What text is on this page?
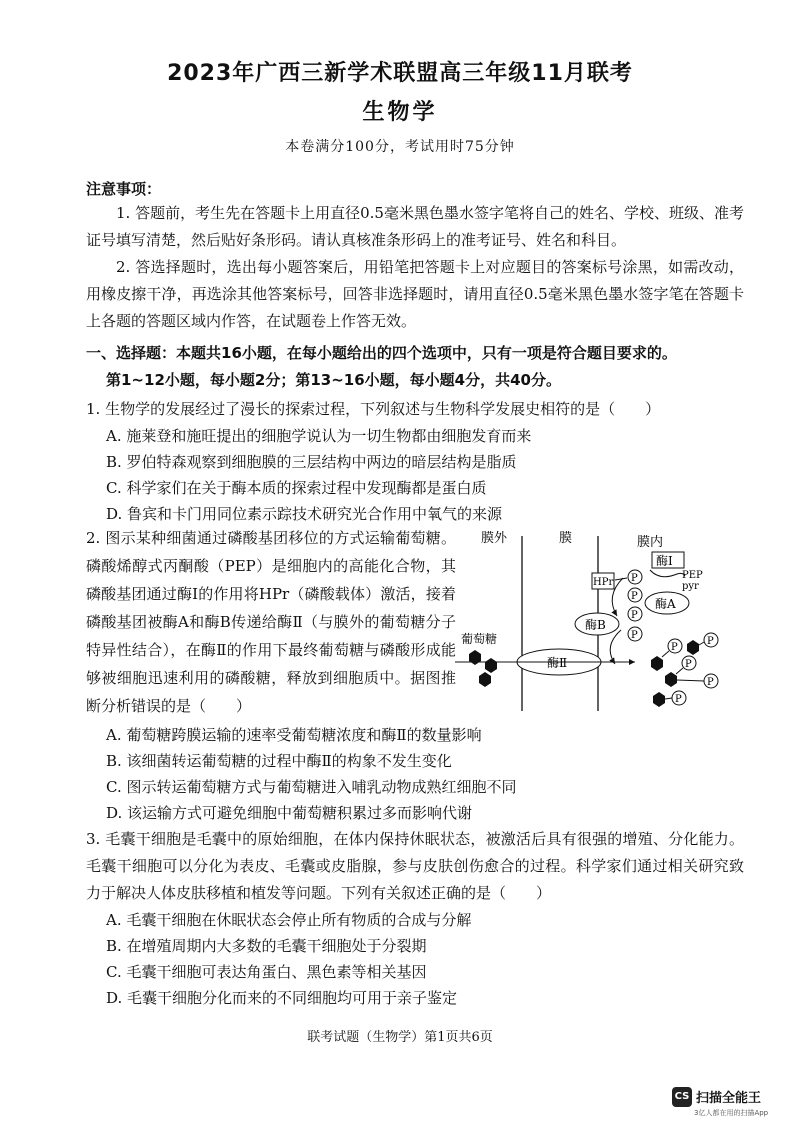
2023年广西三新学术联盟高三年级11月联考
生物学
本卷满分100分，考试用时75分钟
注意事项：
1. 答题前，考生先在答题卡上用直径0.5毫米黑色墨水签字笔将自己的姓名、学校、班级、准考证号填写清楚，然后贴好条形码。请认真核准条形码上的准考证号、姓名和科目。
2. 答选择题时，选出每小题答案后，用铅笔把答题卡上对应题目的答案标号涂黑，如需改动，用橡皮擦干净，再选涂其他答案标号，回答非选择题时，请用直径0.5毫米黑色墨水签字笔在答题卡上各题的答题区域内作答，在试题卷上作答无效。
一、选择题：本题共16小题，在每小题给出的四个选项中，只有一项是符合题目要求的。
第1~12小题，每小题2分；第13~16小题，每小题4分，共40分。
1. 生物学的发展经过了漫长的探索过程，下列叙述与生物科学发展史相符的是（　　）
A. 施莱登和施旺提出的细胞学说认为一切生物都由细胞发育而来
B. 罗伯特森观察到细胞膜的三层结构中两边的暗层结构是脂质
C. 科学家们在关于酶本质的探索过程中发现酶都是蛋白质
D. 鲁宾和卡门用同位素示踪技术研究光合作用中氧气的来源
2. 图示某种细菌通过磷酸基团移位的方式运输葡萄糖。磷酸烯醇式丙酮酸（PEP）是细胞内的高能化合物，其磷酸基团通过酶Ⅰ的作用将HPr（磷酸载体）激活，接着磷酸基团被酶A和酶B传递给酶Ⅱ（与膜外的葡萄糖分子特异性结合），在酶Ⅱ的作用下最终葡萄糖与磷酸形成能够被细胞迅速利用的磷酸糖，释放到细胞质中。据图推断分析错误的是（　　）
膜外	膜	膜内
酶Ⅰ
PEP
pyr
HPr P
酶A
P
酶B
P
P
葡萄糖
酶Ⅱ
P
P
P
P
P
A. 葡萄糖跨膜运输的速率受葡萄糖浓度和酶Ⅱ的数量影响
B. 该细菌转运葡萄糖的过程中酶Ⅱ的构象不发生变化
C. 图示转运葡萄糖方式与葡萄糖进入哺乳动物成熟红细胞不同
D. 该运输方式可避免细胞中葡萄糖积累过多而影响代谢
3. 毛囊干细胞是毛囊中的原始细胞，在体内保持休眠状态，被激活后具有很强的增殖、分化能力。毛囊干细胞可以分化为表皮、毛囊或皮脂腺，参与皮肤创伤愈合的过程。科学家们通过相关研究致力于解决人体皮肤移植和植发等问题。下列有关叙述正确的是（　　）
A. 毛囊干细胞在休眠状态会停止所有物质的合成与分解
B. 在增殖周期内大多数的毛囊干细胞处于分裂期
C. 毛囊干细胞可表达角蛋白、黑色素等相关基因
D. 毛囊干细胞分化而来的不同细胞均可用于亲子鉴定
联考试题（生物学）第1页共6页
CS 扫描全能王
3亿人都在用的扫描App
